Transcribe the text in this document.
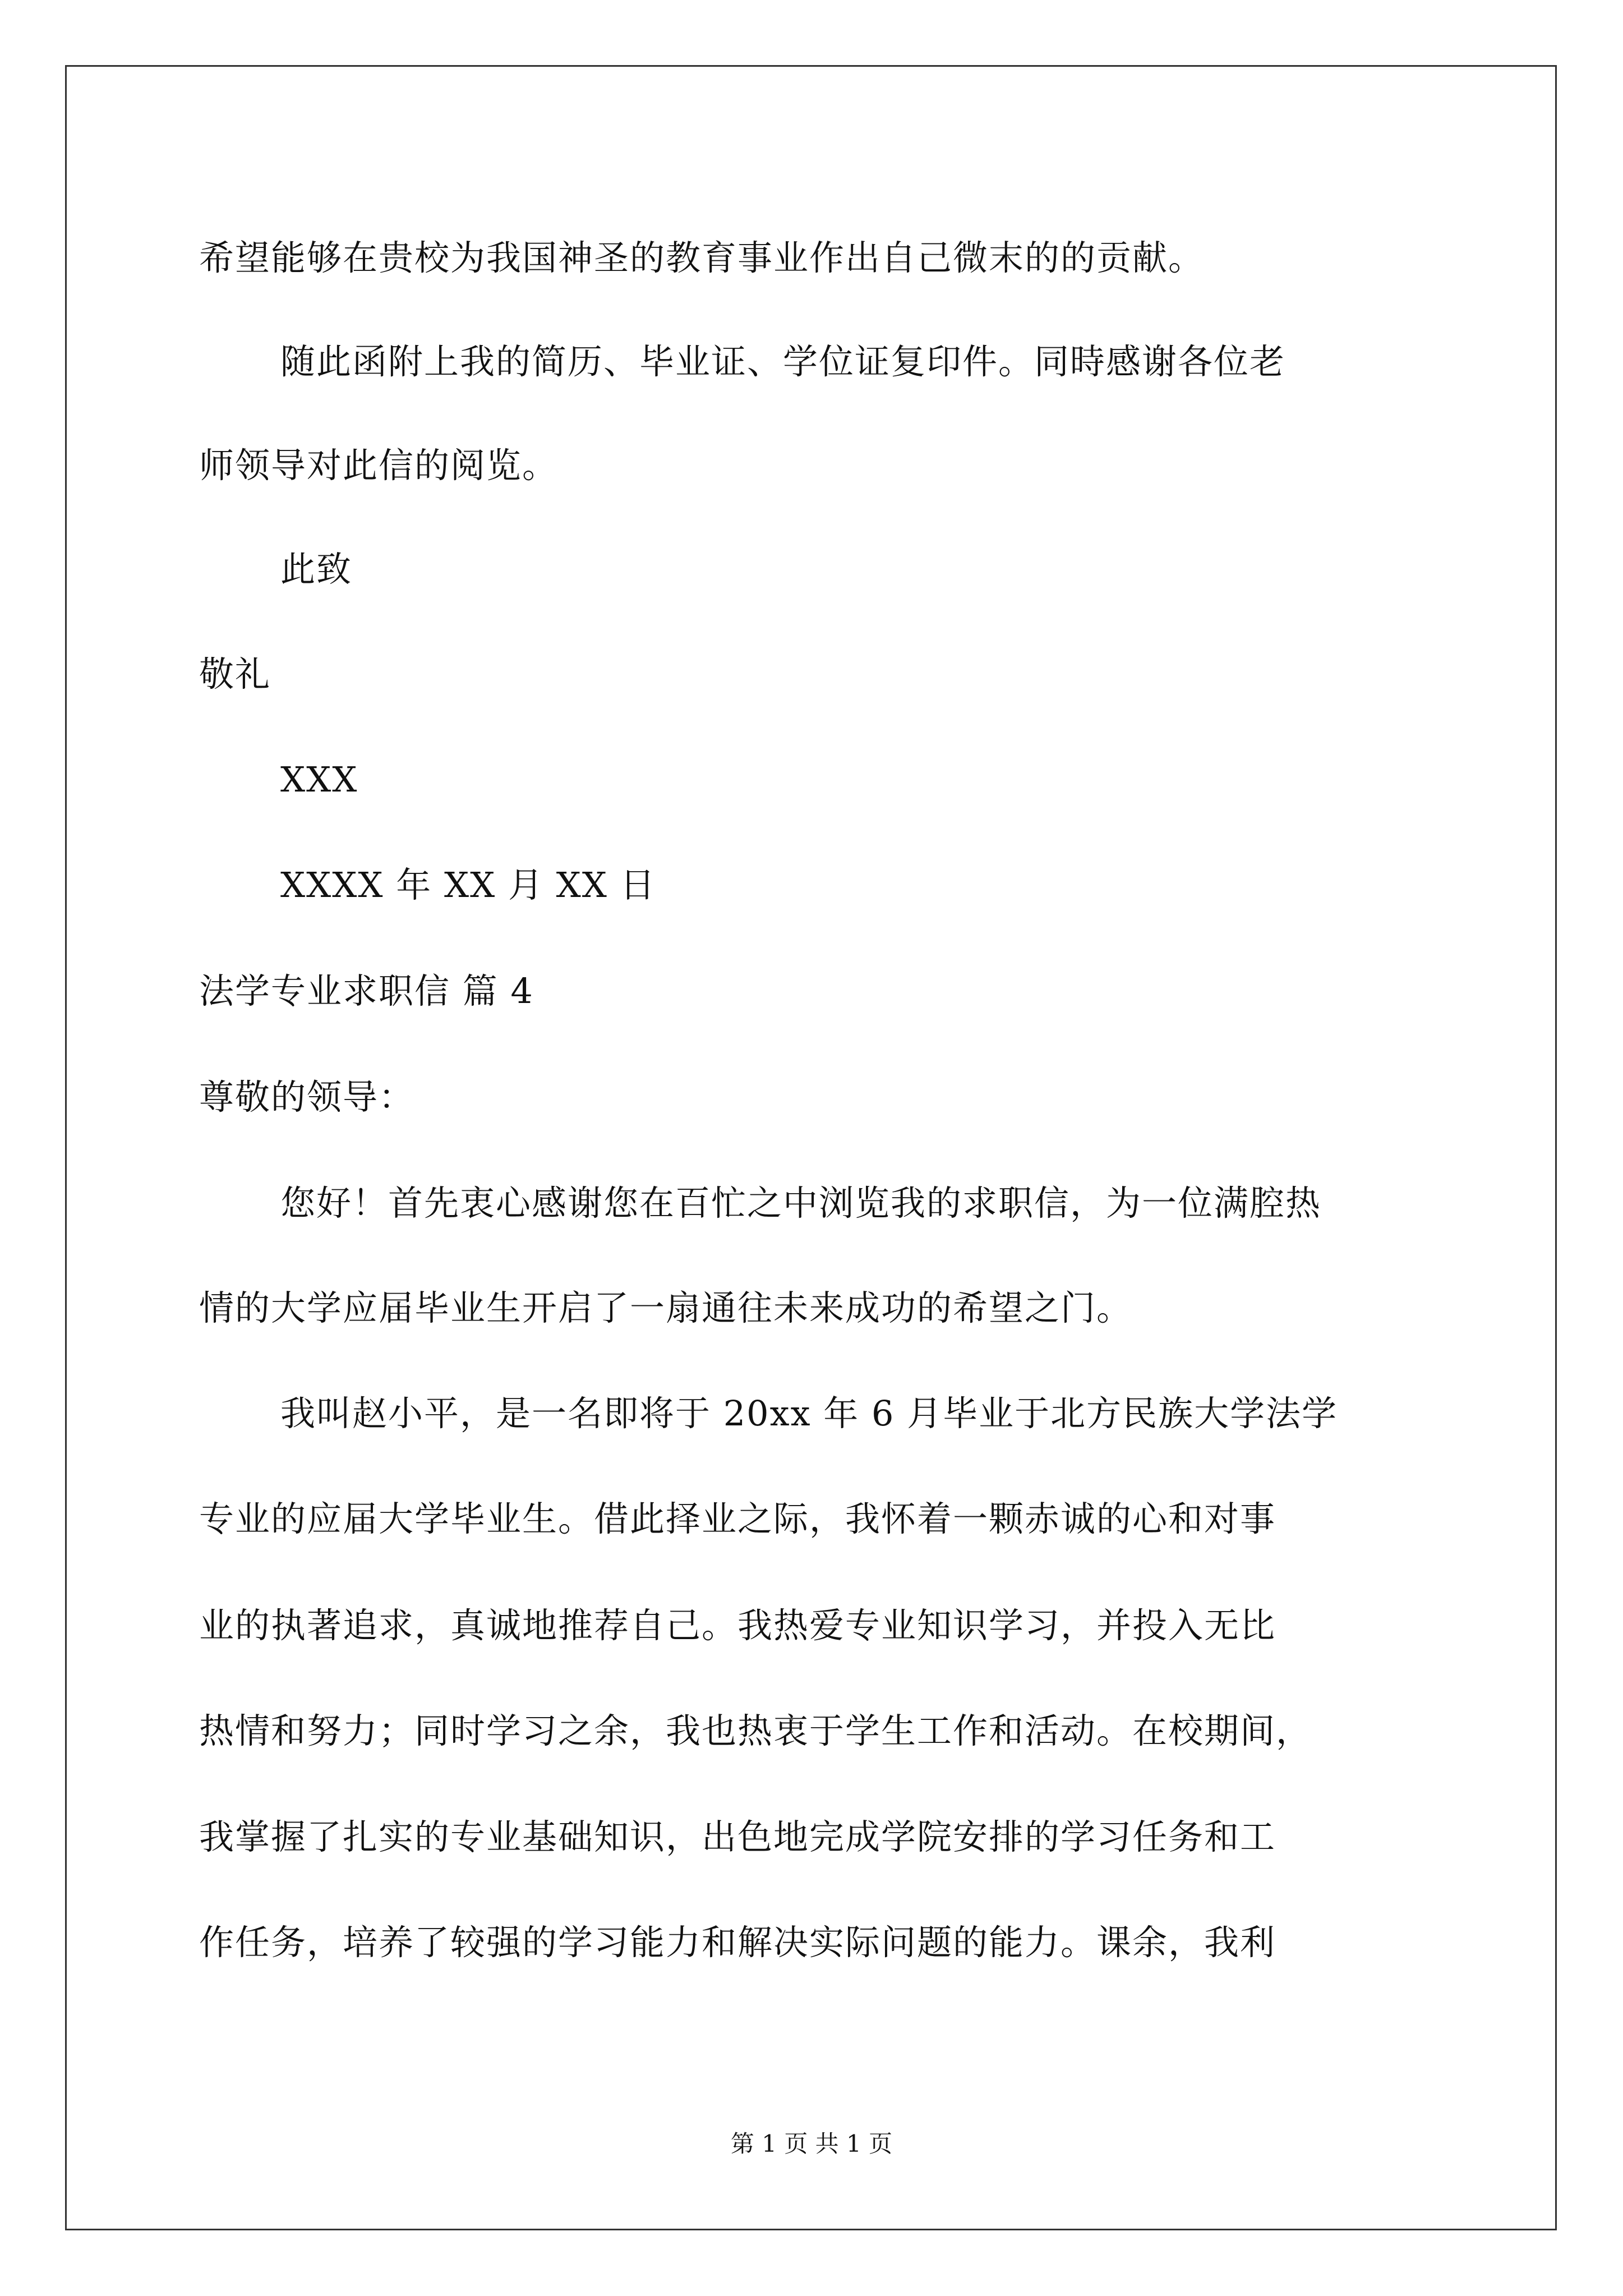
希望能够在贵校为我国神圣的教育事业作出自己微末的的贡献。
随此函附上我的简历、毕业证、学位证复印件。同時感谢各位老
师领导对此信的阅览。
此致
敬礼
XXX
XXXX 年 XX 月 XX 日
法学专业求职信 篇 4
尊敬的领导：
您好！首先衷心感谢您在百忙之中浏览我的求职信，为一位满腔热
情的大学应届毕业生开启了一扇通往未来成功的希望之门。
我叫赵小平，是一名即将于 20xx 年 6 月毕业于北方民族大学法学
专业的应届大学毕业生。借此择业之际，我怀着一颗赤诚的心和对事
业的执著追求，真诚地推荐自己。我热爱专业知识学习，并投入无比
热情和努力；同时学习之余，我也热衷于学生工作和活动。在校期间，
我掌握了扎实的专业基础知识，出色地完成学院安排的学习任务和工
作任务，培养了较强的学习能力和解决实际问题的能力。课余，我利
第 1 页 共 1 页
